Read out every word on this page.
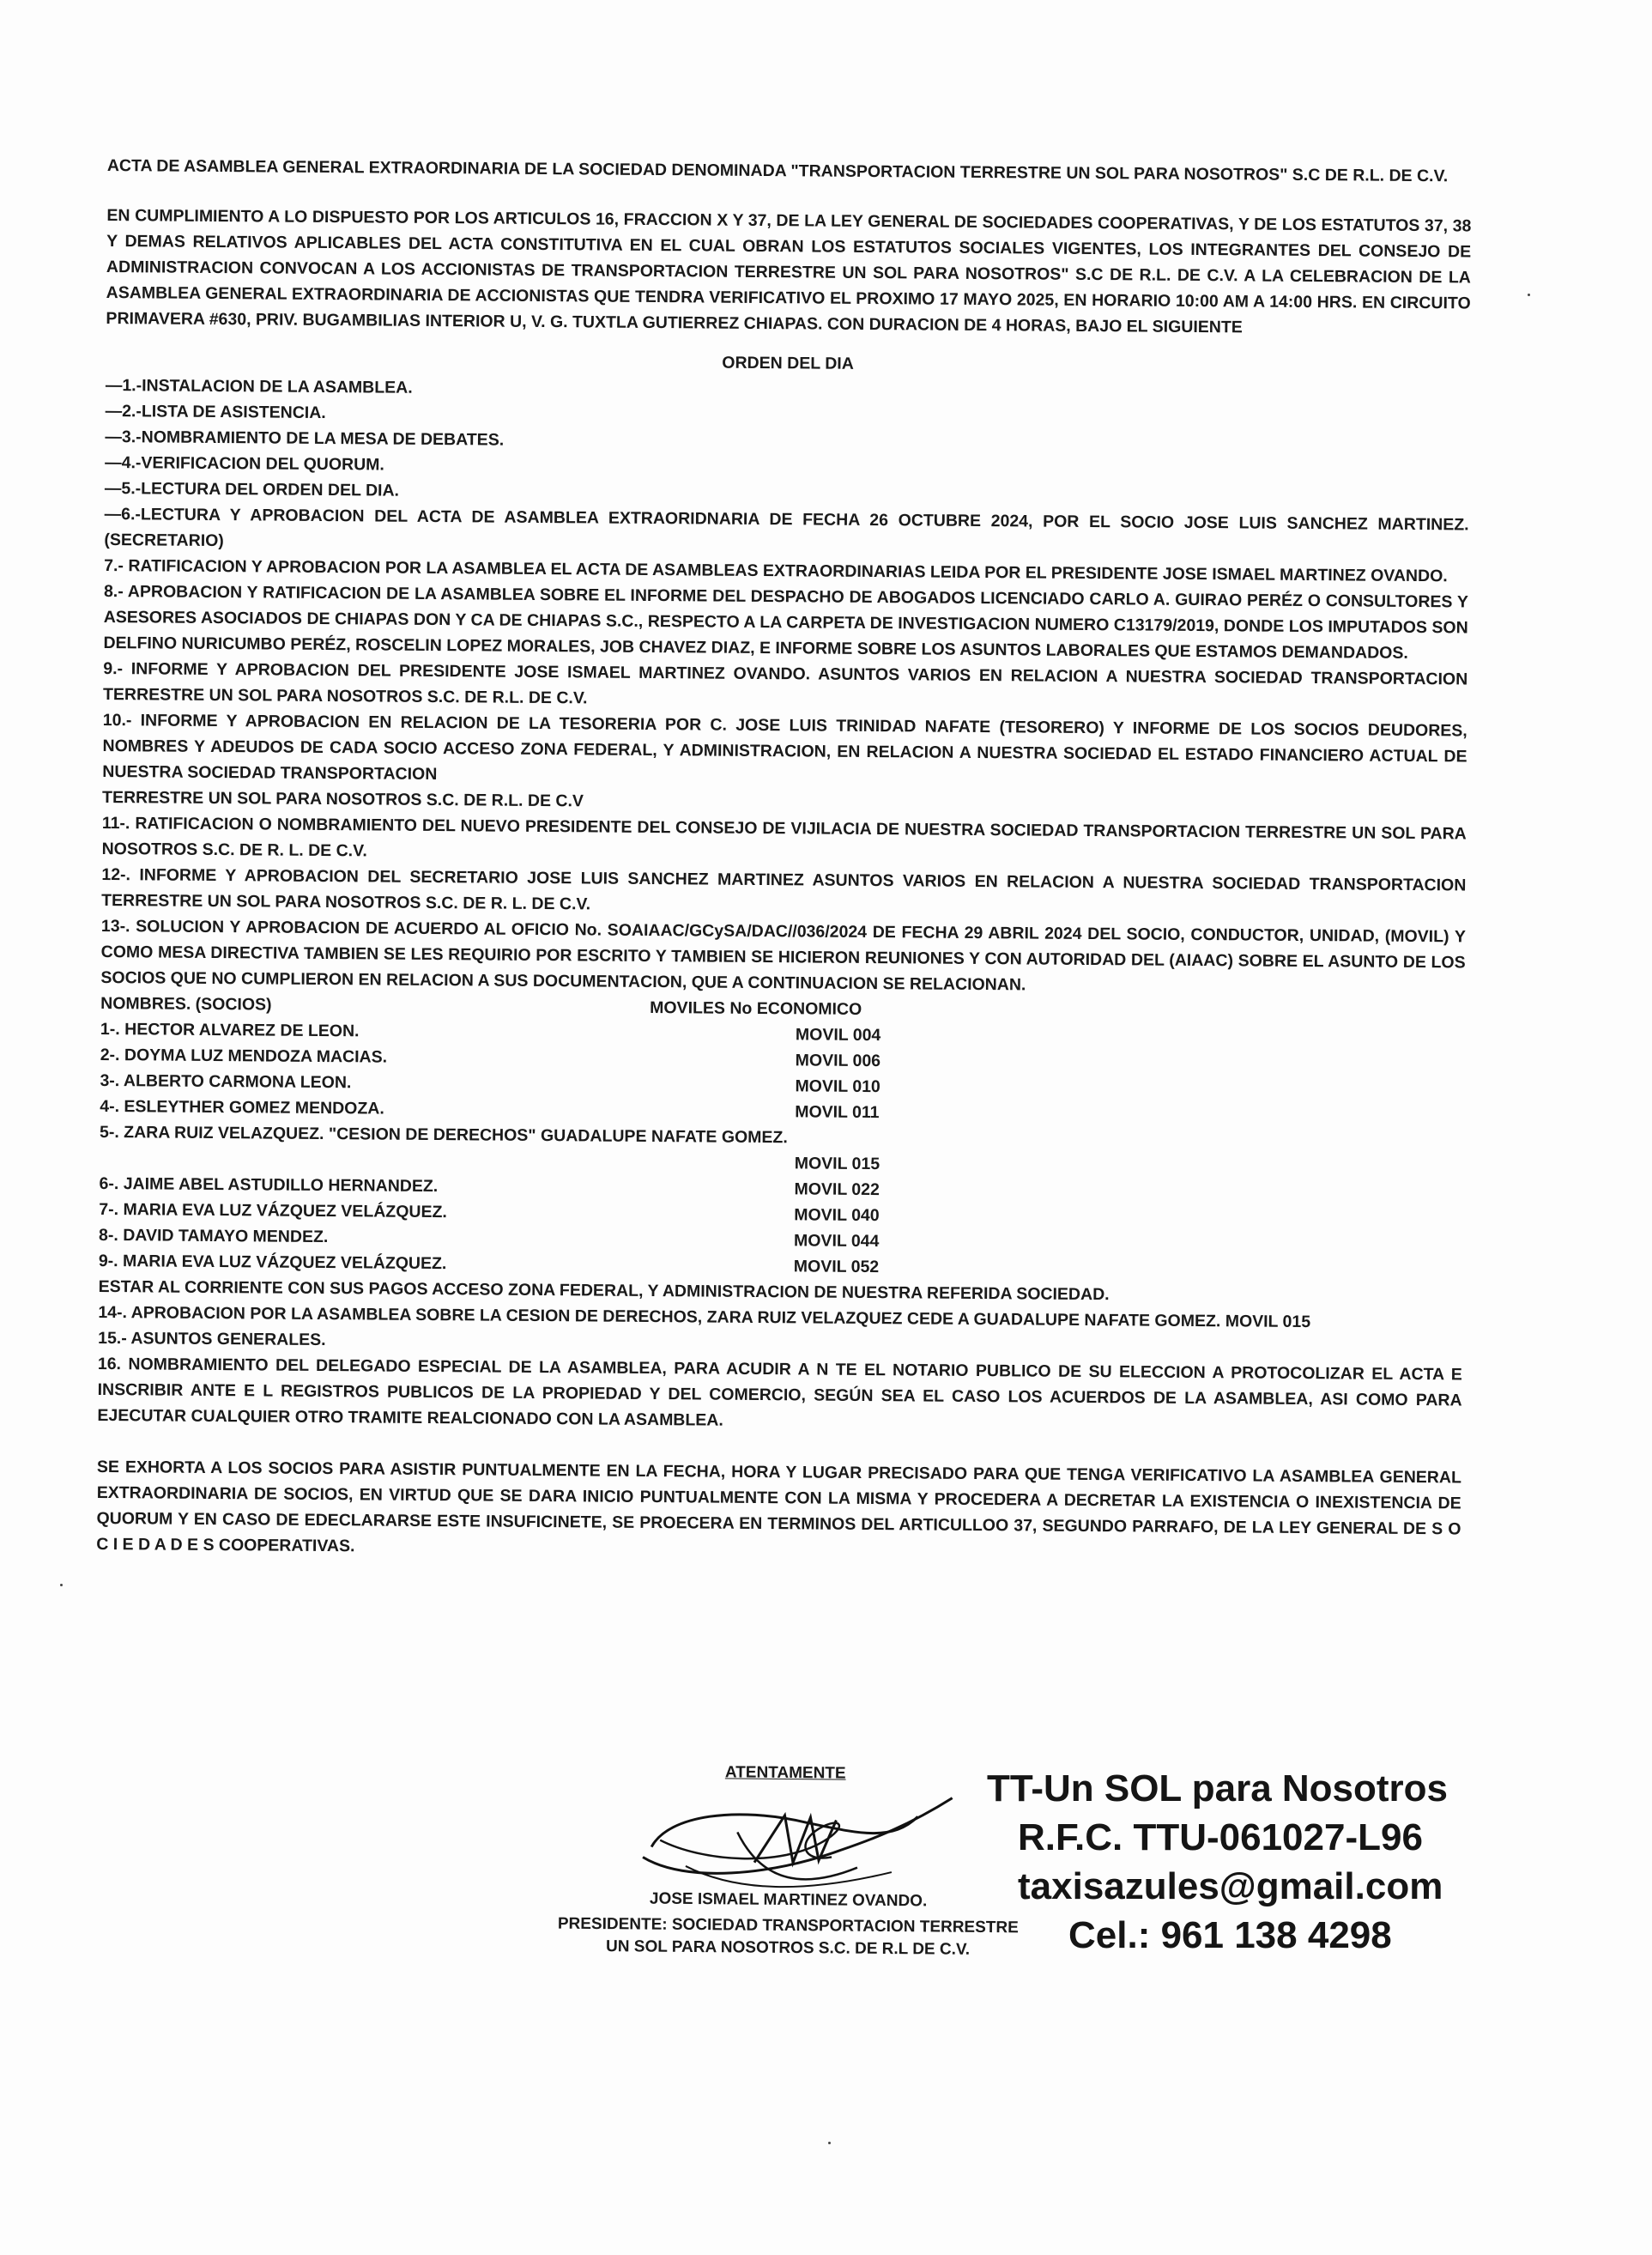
ACTA DE ASAMBLEA GENERAL EXTRAORDINARIA DE LA SOCIEDAD DENOMINADA "TRANSPORTACION TERRESTRE UN SOL PARA NOSOTROS" S.C DE R.L. DE C.V.

EN CUMPLIMIENTO A LO DISPUESTO POR LOS ARTICULOS 16, FRACCION X Y 37, DE LA LEY GENERAL DE SOCIEDADES COOPERATIVAS, Y DE LOS ESTATUTOS 37, 38 Y DEMAS RELATIVOS APLICABLES DEL ACTA CONSTITUTIVA EN EL CUAL OBRAN LOS ESTATUTOS SOCIALES VIGENTES, LOS INTEGRANTES DEL CONSEJO DE ADMINISTRACION CONVOCAN A LOS ACCIONISTAS DE TRANSPORTACION TERRESTRE UN SOL PARA NOSOTROS" S.C DE R.L. DE C.V. A LA CELEBRACION DE LA ASAMBLEA GENERAL EXTRAORDINARIA DE ACCIONISTAS QUE TENDRA VERIFICATIVO EL PROXIMO 17 MAYO 2025, EN HORARIO 10:00 AM A 14:00 HRS. EN CIRCUITO PRIMAVERA #630, PRIV. BUGAMBILIAS INTERIOR U, V. G. TUXTLA GUTIERREZ CHIAPAS. CON DURACION DE 4 HORAS, BAJO EL SIGUIENTE

ORDEN DEL DIA

—1.-INSTALACION DE LA ASAMBLEA.

—2.-LISTA DE ASISTENCIA.

—3.-NOMBRAMIENTO DE LA MESA DE DEBATES.

—4.-VERIFICACION DEL QUORUM.

—5.-LECTURA DEL ORDEN DEL DIA.

—6.-LECTURA Y APROBACION DEL ACTA DE ASAMBLEA EXTRAORIDNARIA DE FECHA 26 OCTUBRE 2024, POR EL SOCIO JOSE LUIS SANCHEZ MARTINEZ. (SECRETARIO)

7.- RATIFICACION Y APROBACION POR LA ASAMBLEA EL ACTA DE ASAMBLEAS EXTRAORDINARIAS LEIDA POR EL PRESIDENTE JOSE ISMAEL MARTINEZ OVANDO.

8.- APROBACION Y RATIFICACION DE LA ASAMBLEA SOBRE EL INFORME DEL DESPACHO DE ABOGADOS LICENCIADO CARLO A. GUIRAO PERÉZ O CONSULTORES Y ASESORES ASOCIADOS DE CHIAPAS DON Y CA DE CHIAPAS S.C., RESPECTO A LA CARPETA DE INVESTIGACION NUMERO C13179/2019, DONDE LOS IMPUTADOS SON DELFINO NURICUMBO PERÉZ, ROSCELIN LOPEZ MORALES, JOB CHAVEZ DIAZ, E INFORME SOBRE LOS ASUNTOS LABORALES QUE ESTAMOS DEMANDADOS.

9.- INFORME Y APROBACION DEL PRESIDENTE JOSE ISMAEL MARTINEZ OVANDO. ASUNTOS VARIOS EN RELACION A NUESTRA SOCIEDAD TRANSPORTACION TERRESTRE UN SOL PARA NOSOTROS S.C. DE R.L. DE C.V.

10.- INFORME Y APROBACION EN RELACION DE LA TESORERIA POR C. JOSE LUIS TRINIDAD NAFATE (TESORERO) Y INFORME DE LOS SOCIOS DEUDORES, NOMBRES Y ADEUDOS DE CADA SOCIO ACCESO ZONA FEDERAL, Y ADMINISTRACION, EN RELACION A NUESTRA SOCIEDAD EL ESTADO FINANCIERO ACTUAL DE NUESTRA SOCIEDAD TRANSPORTACION

TERRESTRE UN SOL PARA NOSOTROS S.C. DE R.L. DE C.V

11-. RATIFICACION O NOMBRAMIENTO DEL NUEVO PRESIDENTE DEL CONSEJO DE VIJILACIA DE NUESTRA SOCIEDAD TRANSPORTACION TERRESTRE UN SOL PARA NOSOTROS S.C. DE R. L. DE C.V.

12-. INFORME Y APROBACION DEL SECRETARIO JOSE LUIS SANCHEZ MARTINEZ ASUNTOS VARIOS EN RELACION A NUESTRA SOCIEDAD TRANSPORTACION TERRESTRE UN SOL PARA NOSOTROS S.C. DE R. L. DE C.V.

13-. SOLUCION Y APROBACION DE ACUERDO AL OFICIO No. SOAIAAC/GCySA/DAC//036/2024 DE FECHA 29 ABRIL 2024 DEL SOCIO, CONDUCTOR, UNIDAD, (MOVIL) Y COMO MESA DIRECTIVA TAMBIEN SE LES REQUIRIO POR ESCRITO Y TAMBIEN SE HICIERON REUNIONES Y CON AUTORIDAD DEL (AIAAC) SOBRE EL ASUNTO DE LOS SOCIOS QUE NO CUMPLIERON EN RELACION A SUS DOCUMENTACION, QUE A CONTINUACION SE RELACIONAN.

NOMBRES. (SOCIOS)	MOVILES No ECONOMICO
1-. HECTOR ALVAREZ DE LEON.	MOVIL 004
2-. DOYMA LUZ MENDOZA MACIAS.	MOVIL 006
3-. ALBERTO CARMONA LEON.	MOVIL 010
4-. ESLEYTHER GOMEZ MENDOZA.	MOVIL 011
5-. ZARA RUIZ VELAZQUEZ. "CESION DE DERECHOS" GUADALUPE NAFATE GOMEZ.
MOVIL 015
6-. JAIME ABEL ASTUDILLO HERNANDEZ.	MOVIL 022
7-. MARIA EVA LUZ VÁZQUEZ VELÁZQUEZ.	MOVIL 040
8-. DAVID TAMAYO MENDEZ.	MOVIL 044
9-. MARIA EVA LUZ VÁZQUEZ VELÁZQUEZ.	MOVIL 052

ESTAR AL CORRIENTE CON SUS PAGOS ACCESO ZONA FEDERAL, Y ADMINISTRACION DE NUESTRA REFERIDA SOCIEDAD.

14-. APROBACION POR LA ASAMBLEA SOBRE LA CESION DE DERECHOS, ZARA RUIZ VELAZQUEZ CEDE A GUADALUPE NAFATE GOMEZ. MOVIL 015

15.- ASUNTOS GENERALES.

16. NOMBRAMIENTO DEL DELEGADO ESPECIAL DE LA ASAMBLEA, PARA ACUDIR A N TE EL NOTARIO PUBLICO DE SU ELECCION A PROTOCOLIZAR EL ACTA E INSCRIBIR ANTE E L REGISTROS PUBLICOS DE LA PROPIEDAD Y DEL COMERCIO, SEGÚN SEA EL CASO LOS ACUERDOS DE LA ASAMBLEA, ASI COMO PARA EJECUTAR CUALQUIER OTRO TRAMITE REALCIONADO CON LA ASAMBLEA.

SE EXHORTA A LOS SOCIOS PARA ASISTIR PUNTUALMENTE EN LA FECHA, HORA Y LUGAR PRECISADO PARA QUE TENGA VERIFICATIVO LA ASAMBLEA GENERAL EXTRAORDINARIA DE SOCIOS, EN VIRTUD QUE SE DARA INICIO PUNTUALMENTE CON LA MISMA Y PROCEDERA A DECRETAR LA EXISTENCIA O INEXISTENCIA DE QUORUM Y EN CASO DE EDECLARARSE ESTE INSUFICINETE, SE PROECERA EN TERMINOS DEL ARTICULLOO 37, SEGUNDO PARRAFO, DE LA LEY GENERAL DE S O C I E D A D E S COOPERATIVAS.

ATENTAMENTE
JOSE ISMAEL MARTINEZ OVANDO.
PRESIDENTE: SOCIEDAD TRANSPORTACION TERRESTRE
UN SOL PARA NOSOTROS S.C. DE R.L DE C.V.
TT-Un SOL para Nosotros
R.F.C. TTU-061027-L96
taxisazules@gmail.com
Cel.: 961 138 4298
